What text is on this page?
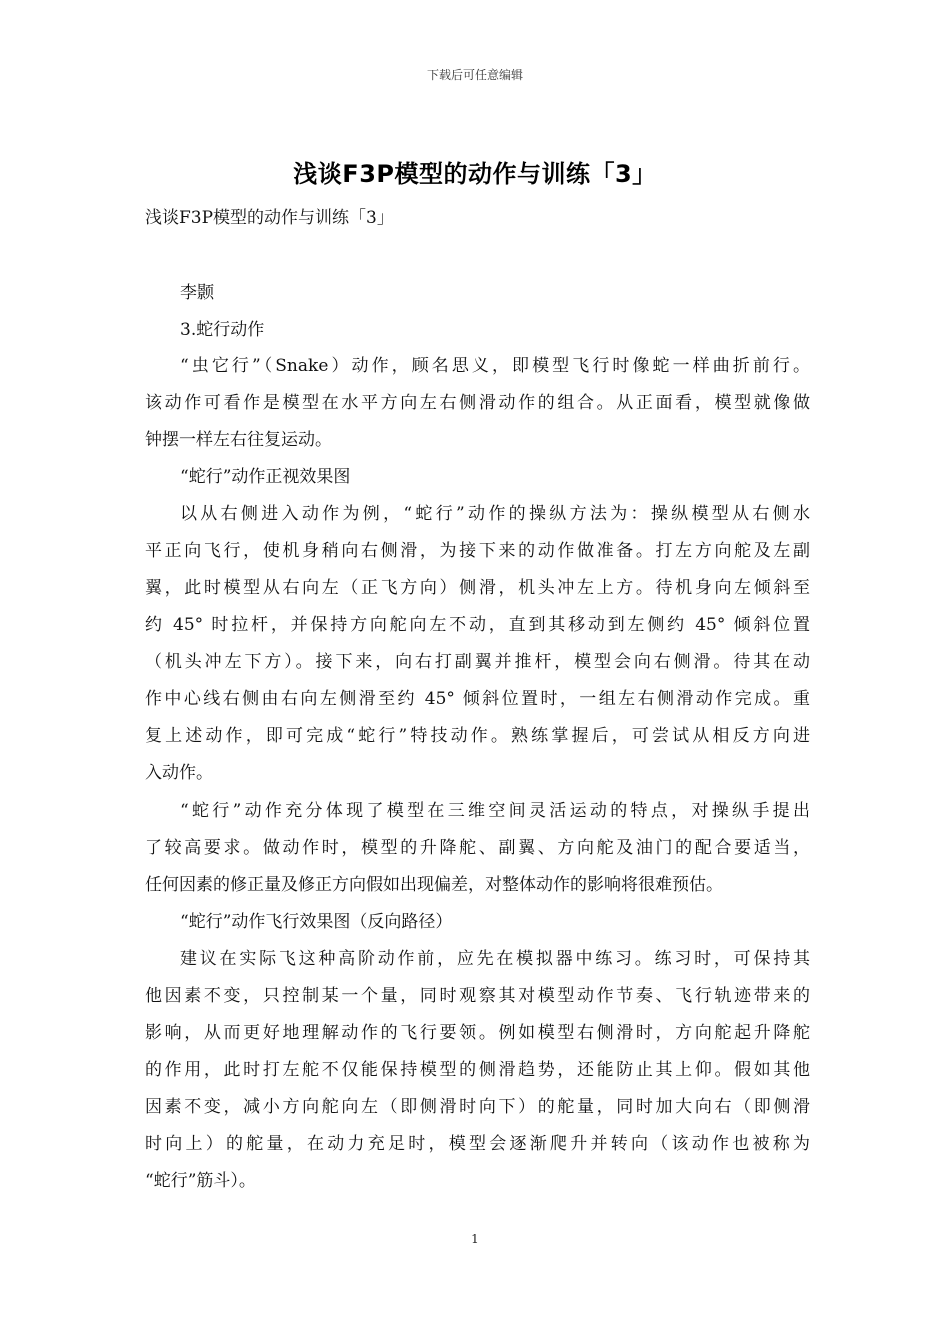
下载后可任意编辑
浅谈F3P模型的动作与训练「3」
浅谈F3P模型的动作与训练「3」
李颢
3.蛇行动作
“虫它行”（Snake）动作，顾名思义，即模型飞行时像蛇一样曲折前行。
该动作可看作是模型在水平方向左右侧滑动作的组合。从正面看，模型就像做
钟摆一样左右往复运动。
“蛇行”动作正视效果图
以从右侧进入动作为例，“蛇行”动作的操纵方法为：操纵模型从右侧水
平正向飞行，使机身稍向右侧滑，为接下来的动作做准备。打左方向舵及左副
翼，此时模型从右向左（正飞方向）侧滑，机头冲左上方。待机身向左倾斜至
约 45° 时拉杆，并保持方向舵向左不动，直到其移动到左侧约 45° 倾斜位置
（机头冲左下方）。接下来，向右打副翼并推杆，模型会向右侧滑。待其在动
作中心线右侧由右向左侧滑至约 45° 倾斜位置时，一组左右侧滑动作完成。重
复上述动作，即可完成“蛇行”特技动作。熟练掌握后，可尝试从相反方向进
入动作。
“蛇行”动作充分体现了模型在三维空间灵活运动的特点，对操纵手提出
了较高要求。做动作时，模型的升降舵、副翼、方向舵及油门的配合要适当，
任何因素的修正量及修正方向假如出现偏差，对整体动作的影响将很难预估。
“蛇行”动作飞行效果图（反向路径）
建议在实际飞这种高阶动作前，应先在模拟器中练习。练习时，可保持其
他因素不变，只控制某一个量，同时观察其对模型动作节奏、飞行轨迹带来的
影响，从而更好地理解动作的飞行要领。例如模型右侧滑时，方向舵起升降舵
的作用，此时打左舵不仅能保持模型的侧滑趋势，还能防止其上仰。假如其他
因素不变，减小方向舵向左（即侧滑时向下）的舵量，同时加大向右（即侧滑
时向上）的舵量，在动力充足时，模型会逐渐爬升并转向（该动作也被称为
“蛇行”筋斗）。
1
